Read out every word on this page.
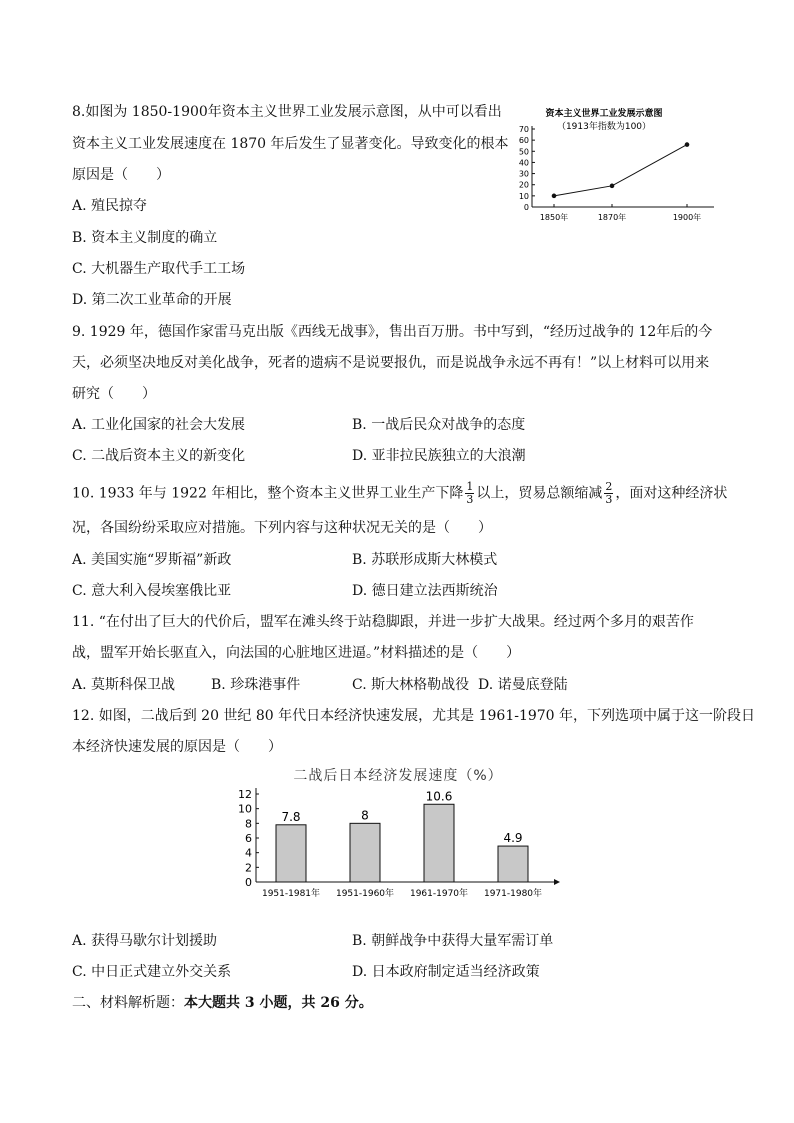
8.如图为 1850-1900年资本主义世界工业发展示意图，从中可以看出
资本主义工业发展速度在 1870 年后发生了显著变化。导致变化的根本
原因是（　　）
A. 殖民掠夺
B. 资本主义制度的确立
C. 大机器生产取代手工工场
D. 第二次工业革命的开展
资本主义世界工业发展示意图
（1913年指数为100）
70
60
50
40
30
20
10
0
1850年	1870年	1900年
9. 1929 年，德国作家雷马克出版《西线无战事》，售出百万册。书中写到，“经历过战争的 12年后的今
天，必须坚决地反对美化战争，死者的遗病不是说要报仇，而是说战争永远不再有！”以上材料可以用来
研究（　　）
A. 工业化国家的社会大发展	B. 一战后民众对战争的态度
C. 二战后资本主义的新变化	D. 亚非拉民族独立的大浪潮
10. 1933 年与 1922 年相比，整个资本主义世界工业生产下降 $\frac{1}{3}$ 以上，贸易总额缩减 $\frac{2}{3}$ ，面对这种经济状
况，各国纷纷采取应对措施。下列内容与这种状况无关的是（　　）
A. 美国实施“罗斯福”新政	B. 苏联形成斯大林模式
C. 意大利入侵埃塞俄比亚	D. 德日建立法西斯统治
11. “在付出了巨大的代价后，盟军在滩头终于站稳脚跟，并进一步扩大战果。经过两个多月的艰苦作
战，盟军开始长驱直入，向法国的心脏地区进逼。”材料描述的是（　　）
A. 莫斯科保卫战	B. 珍珠港事件	C. 斯大林格勒战役 D. 诺曼底登陆
12. 如图，二战后到 20 世纪 80 年代日本经济快速发展，尤其是 1961-1970 年，下列选项中属于这一阶段日
本经济快速发展的原因是（　　）
二战后日本经济发展速度（%）
12
10
8
6
4
2
0
7.8	8
10.6
4.9
1951-1981年 1951-1960年 1961-1970年 1971-1980年
A. 获得马歇尔计划援助	B. 朝鲜战争中获得大量军需订单
C. 中日正式建立外交关系	D. 日本政府制定适当经济政策
二、材料解析题：本大题共 3 小题，共 26 分。
